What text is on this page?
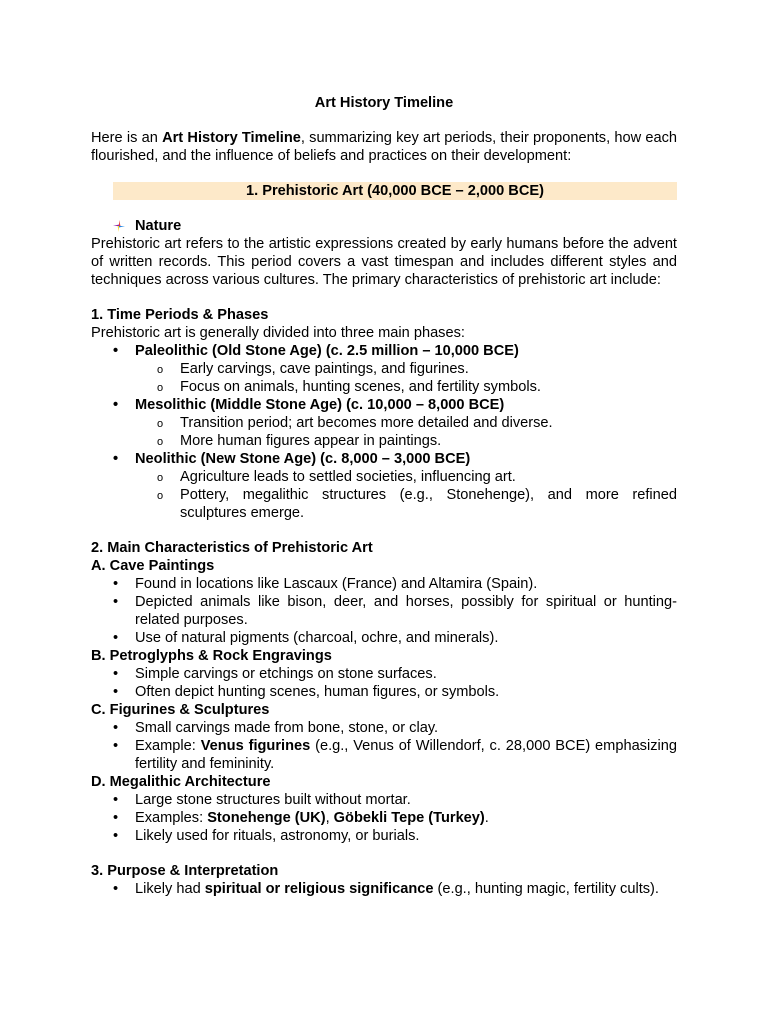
Art History Timeline

Here is an Art History Timeline, summarizing key art periods, their proponents, how each flourished, and the influence of beliefs and practices on their development:

1. Prehistoric Art (40,000 BCE – 2,000 BCE)
Nature

Prehistoric art refers to the artistic expressions created by early humans before the advent of written records. This period covers a vast timespan and includes different styles and techniques across various cultures. The primary characteristics of prehistoric art include:

1. Time Periods & Phases

Prehistoric art is generally divided into three main phases:

• Paleolithic (Old Stone Age) (c. 2.5 million – 10,000 BCE)
o Early carvings, cave paintings, and figurines.
o Focus on animals, hunting scenes, and fertility symbols.
• Mesolithic (Middle Stone Age) (c. 10,000 – 8,000 BCE)
o Transition period; art becomes more detailed and diverse.
o More human figures appear in paintings.
• Neolithic (New Stone Age) (c. 8,000 – 3,000 BCE)
o Agriculture leads to settled societies, influencing art.
o Pottery, megalithic structures (e.g., Stonehenge), and more refined sculptures emerge.

2. Main Characteristics of Prehistoric Art

A. Cave Paintings

• Found in locations like Lascaux (France) and Altamira (Spain).
• Depicted animals like bison, deer, and horses, possibly for spiritual or hunting-related purposes.
• Use of natural pigments (charcoal, ochre, and minerals).

B. Petroglyphs & Rock Engravings

• Simple carvings or etchings on stone surfaces.
• Often depict hunting scenes, human figures, or symbols.

C. Figurines & Sculptures

• Small carvings made from bone, stone, or clay.
• Example: Venus figurines (e.g., Venus of Willendorf, c. 28,000 BCE) emphasizing fertility and femininity.

D. Megalithic Architecture

• Large stone structures built without mortar.
• Examples: Stonehenge (UK), Göbekli Tepe (Turkey).
• Likely used for rituals, astronomy, or burials.

3. Purpose & Interpretation

• Likely had spiritual or religious significance (e.g., hunting magic, fertility cults).
